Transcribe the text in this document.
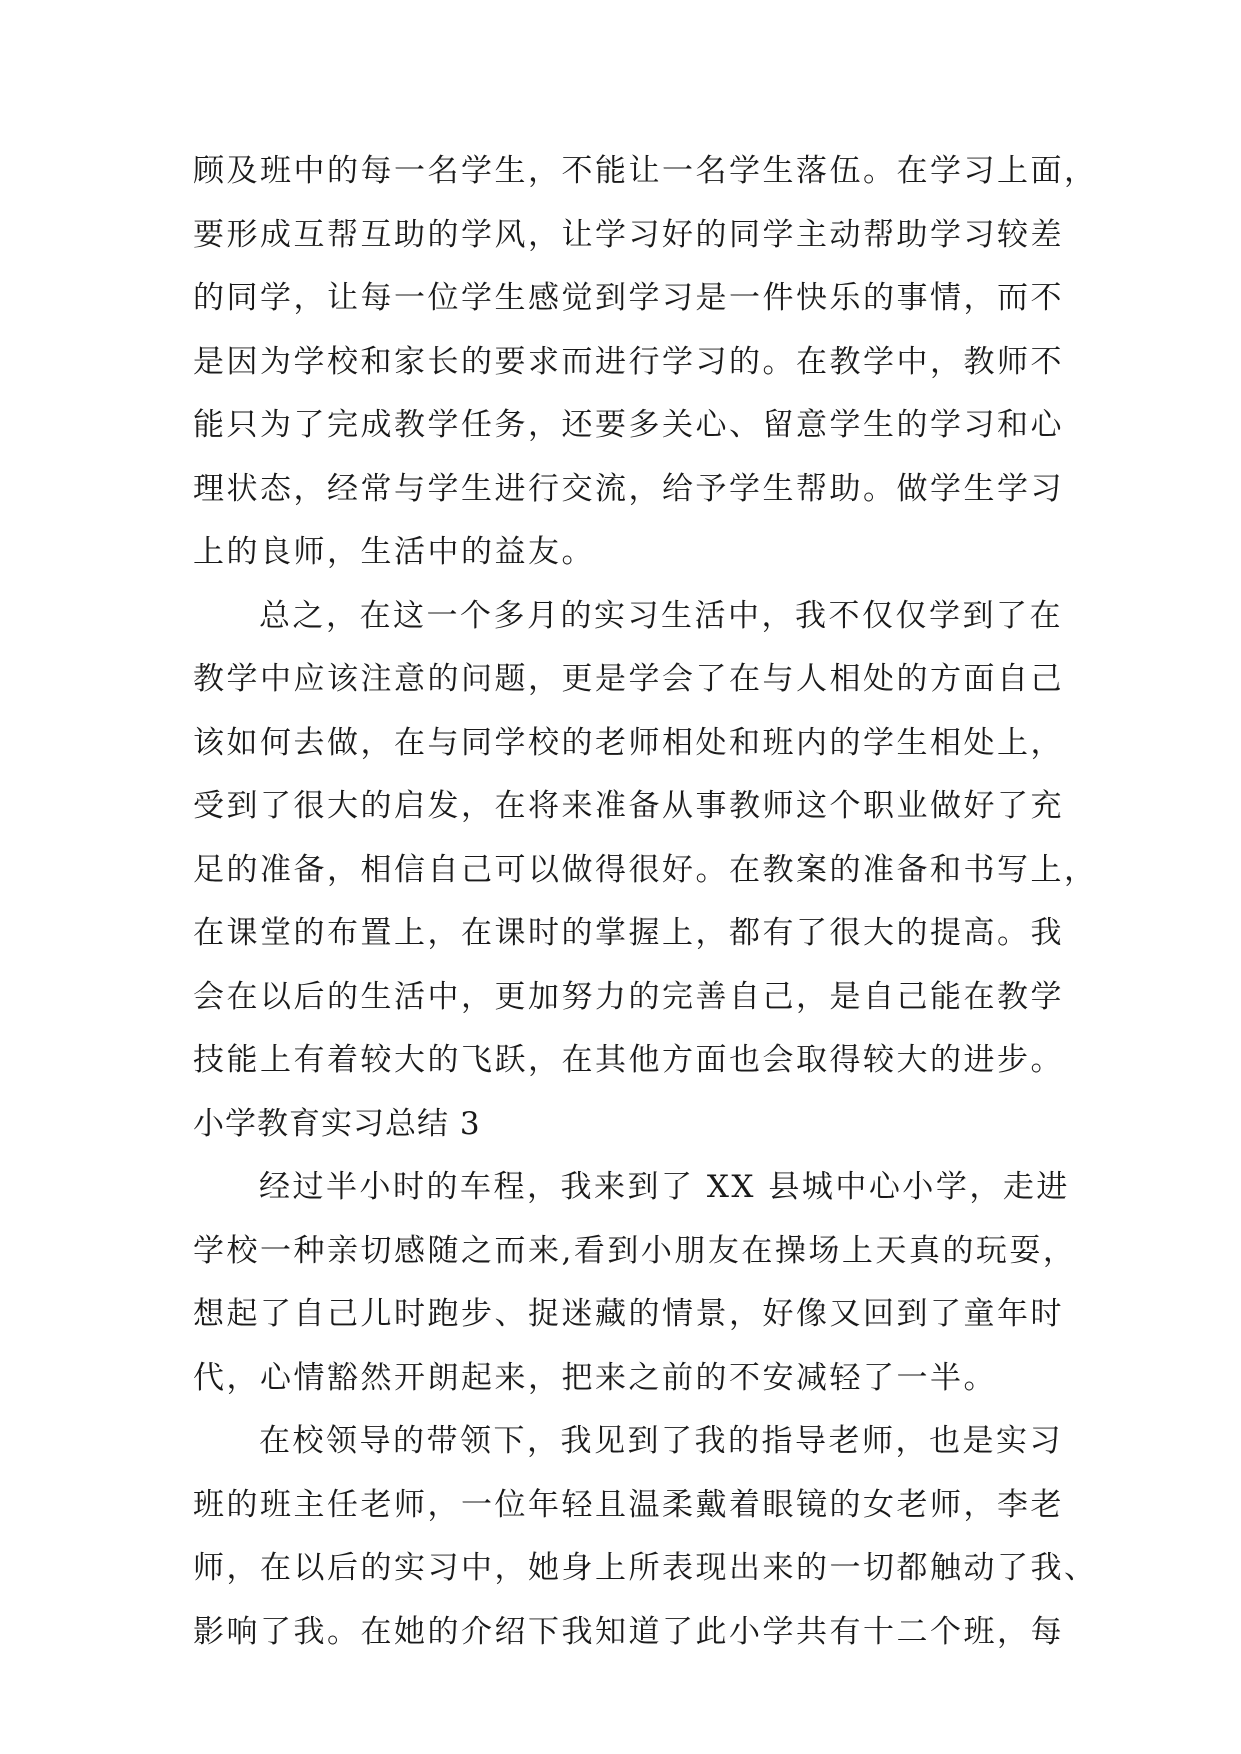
顾及班中的每一名学生，不能让一名学生落伍。在学习上面，
要形成互帮互助的学风，让学习好的同学主动帮助学习较差
的同学，让每一位学生感觉到学习是一件快乐的事情，而不
是因为学校和家长的要求而进行学习的。在教学中，教师不
能只为了完成教学任务，还要多关心、留意学生的学习和心
理状态，经常与学生进行交流，给予学生帮助。做学生学习
上的良师，生活中的益友。
总之，在这一个多月的实习生活中，我不仅仅学到了在
教学中应该注意的问题，更是学会了在与人相处的方面自己
该如何去做，在与同学校的老师相处和班内的学生相处上，
受到了很大的启发，在将来准备从事教师这个职业做好了充
足的准备，相信自己可以做得很好。在教案的准备和书写上，
在课堂的布置上，在课时的掌握上，都有了很大的提高。我
会在以后的生活中，更加努力的完善自己，是自己能在教学
技能上有着较大的飞跃，在其他方面也会取得较大的进步。
小学教育实习总结 3
经过半小时的车程，我来到了 XX 县城中心小学，走进
学校一种亲切感随之而来,看到小朋友在操场上天真的玩耍，
想起了自己儿时跑步、捉迷藏的情景，好像又回到了童年时
代，心情豁然开朗起来，把来之前的不安减轻了一半。
在校领导的带领下，我见到了我的指导老师，也是实习
班的班主任老师，一位年轻且温柔戴着眼镜的女老师，李老
师，在以后的实习中，她身上所表现出来的一切都触动了我、
影响了我。在她的介绍下我知道了此小学共有十二个班，每
